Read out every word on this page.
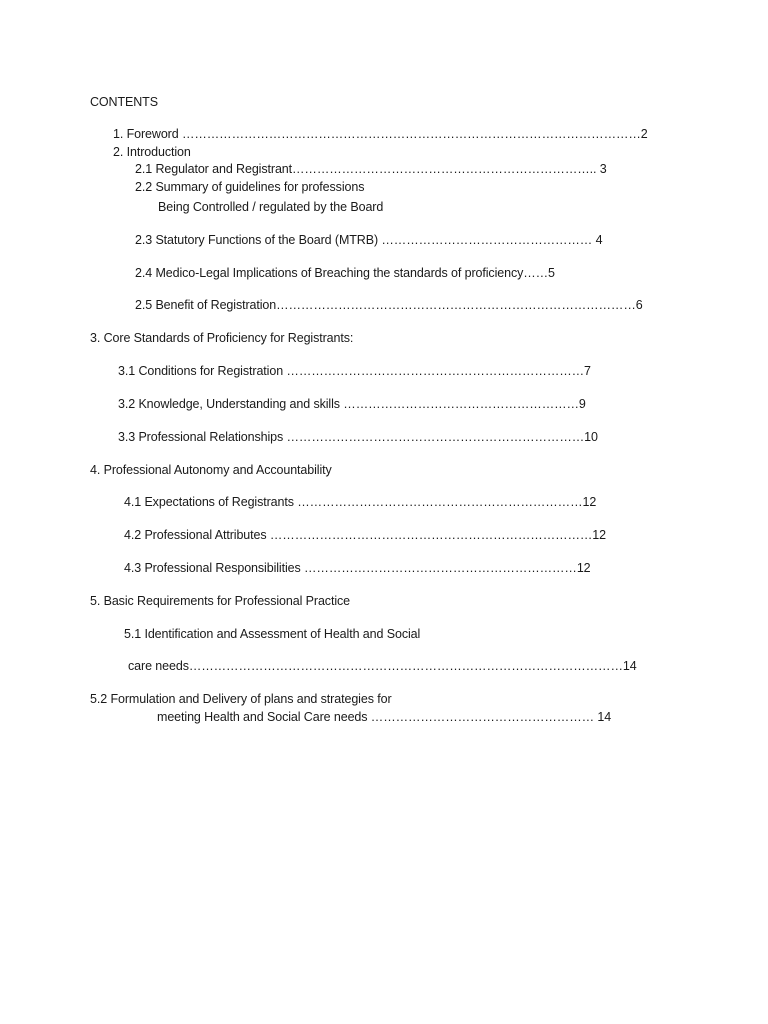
CONTENTS
1. Foreword …………………………………………………………………………………………………2
2. Introduction
2.1 Regulator and Registrant……………………………………………………………….. 3
2.2 Summary of guidelines for professions
Being Controlled / regulated by the Board
2.3 Statutory Functions of the Board (MTRB) …………………………………………… 4
2.4 Medico-Legal Implications of Breaching the standards of proficiency……5
2.5 Benefit of Registration……………………………………………………………………………6
3. Core Standards of Proficiency for Registrants:
3.1 Conditions for Registration ………………………………………………………………7
3.2 Knowledge, Understanding and skills …………………………………………………9
3.3 Professional Relationships ………………………………………………………………10
4. Professional Autonomy and Accountability
4.1 Expectations of Registrants ……………………………………………………………12
4.2 Professional Attributes ……………………………………………………………………12
4.3 Professional Responsibilities …………………………………………………………12
5. Basic Requirements for Professional Practice
5.1 Identification and Assessment of Health and Social
care needs……………………………………………………………………………………………14
5.2 Formulation and Delivery of plans and strategies for
meeting Health and Social Care needs ……………………………………………… 14
